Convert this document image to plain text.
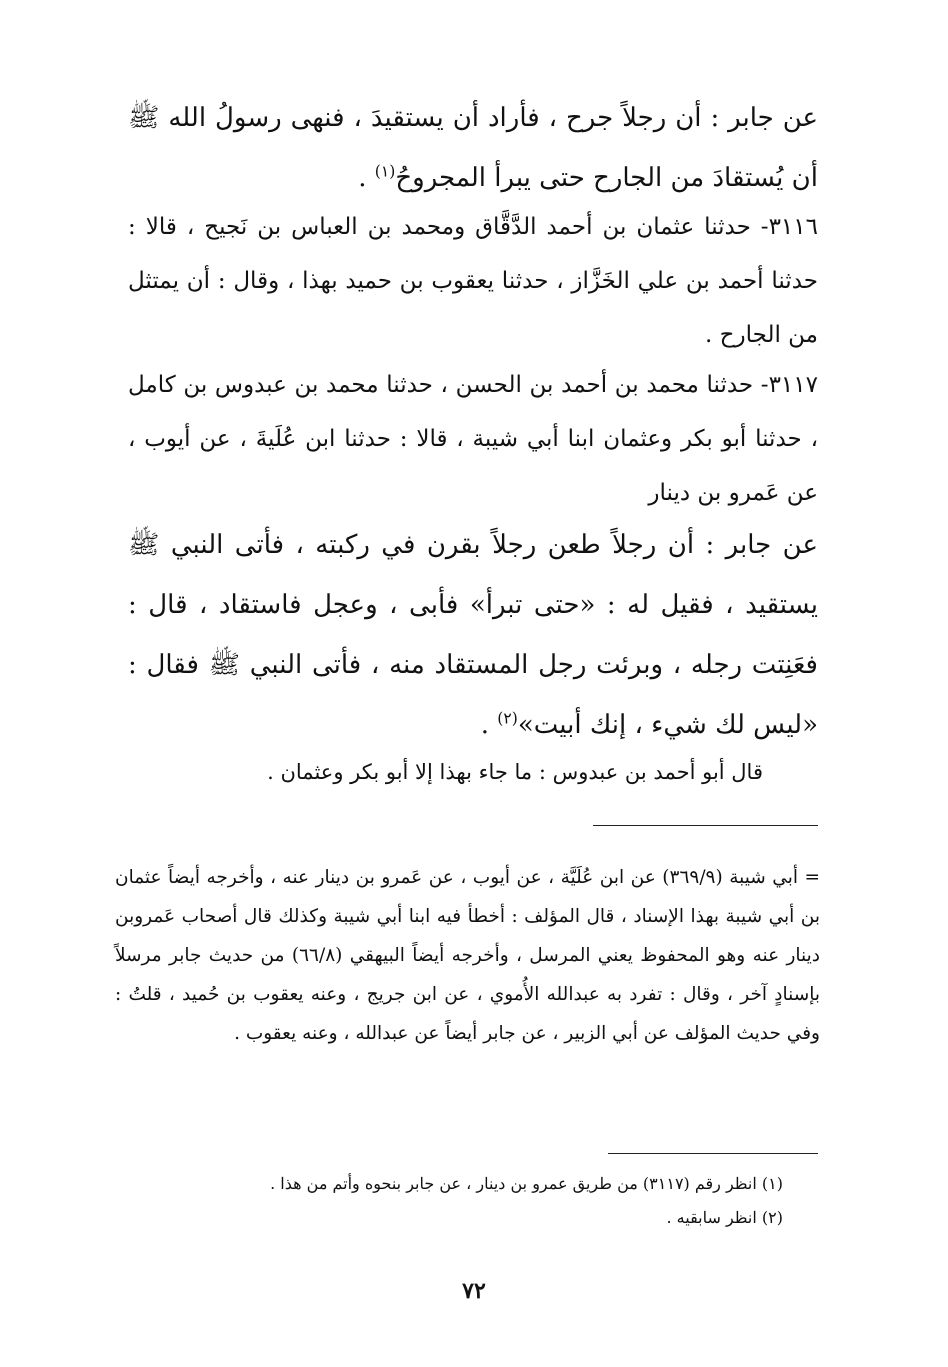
عن جابر : أن رجلاً جرح ، فأراد أن يستقيدَ ، فنهى رسولُ الله ﷺ أن يُستقادَ من الجارح حتى يبرأ المجروحُ$^{(١)}$ .

٣١١٦- حدثنا عثمان بن أحمد الدَّقَّاق ومحمد بن العباس بن نَجيح ، قالا : حدثنا أحمد بن علي الخَزَّاز ، حدثنا يعقوب بن حميد بهذا ، وقال : أن يمتثل من الجارح .

٣١١٧- حدثنا محمد بن أحمد بن الحسن ، حدثنا محمد بن عبدوس بن كامل ، حدثنا أبو بكر وعثمان ابنا أبي شيبة ، قالا : حدثنا ابن عُلَيةَ ، عن أيوب ، عن عَمرو بن دينار

عن جابر : أن رجلاً طعن رجلاً بقرن في ركبته ، فأتى النبي ﷺ يستقيد ، فقيل له : «حتى تبرأ» فأبى ، وعجل فاستقاد ، قال : فعَنِتت رجله ، وبرئت رجل المستقاد منه ، فأتى النبي ﷺ فقال : «ليس لك شيء ، إنك أبيت»$^{(٢)}$ .

قال أبو أحمد بن عبدوس : ما جاء بهذا إلا أبو بكر وعثمان .

= أبي شيبة (٣٦٩/٩) عن ابن عُلَيَّة ، عن أيوب ، عن عَمرو بن دينار عنه ، وأخرجه أيضاً عثمان بن أبي شيبة بهذا الإسناد ، قال المؤلف : أخطأ فيه ابنا أبي شيبة وكذلك قال أصحاب عَمروبن دينار عنه وهو المحفوظ يعني المرسل ، وأخرجه أيضاً البيهقي (٦٦/٨) من حديث جابر مرسلاً بإسنادٍ آخر ، وقال : تفرد به عبدالله الأُموي ، عن ابن جريج ، وعنه يعقوب بن حُميد ، قلتُ : وفي حديث المؤلف عن أبي الزبير ، عن جابر أيضاً عن عبدالله ، وعنه يعقوب .

(١) انظر رقم (٣١١٧) من طريق عمرو بن دينار ، عن جابر بنحوه وأتم من هذا .
(٢) انظر سابقيه .
٧٢
